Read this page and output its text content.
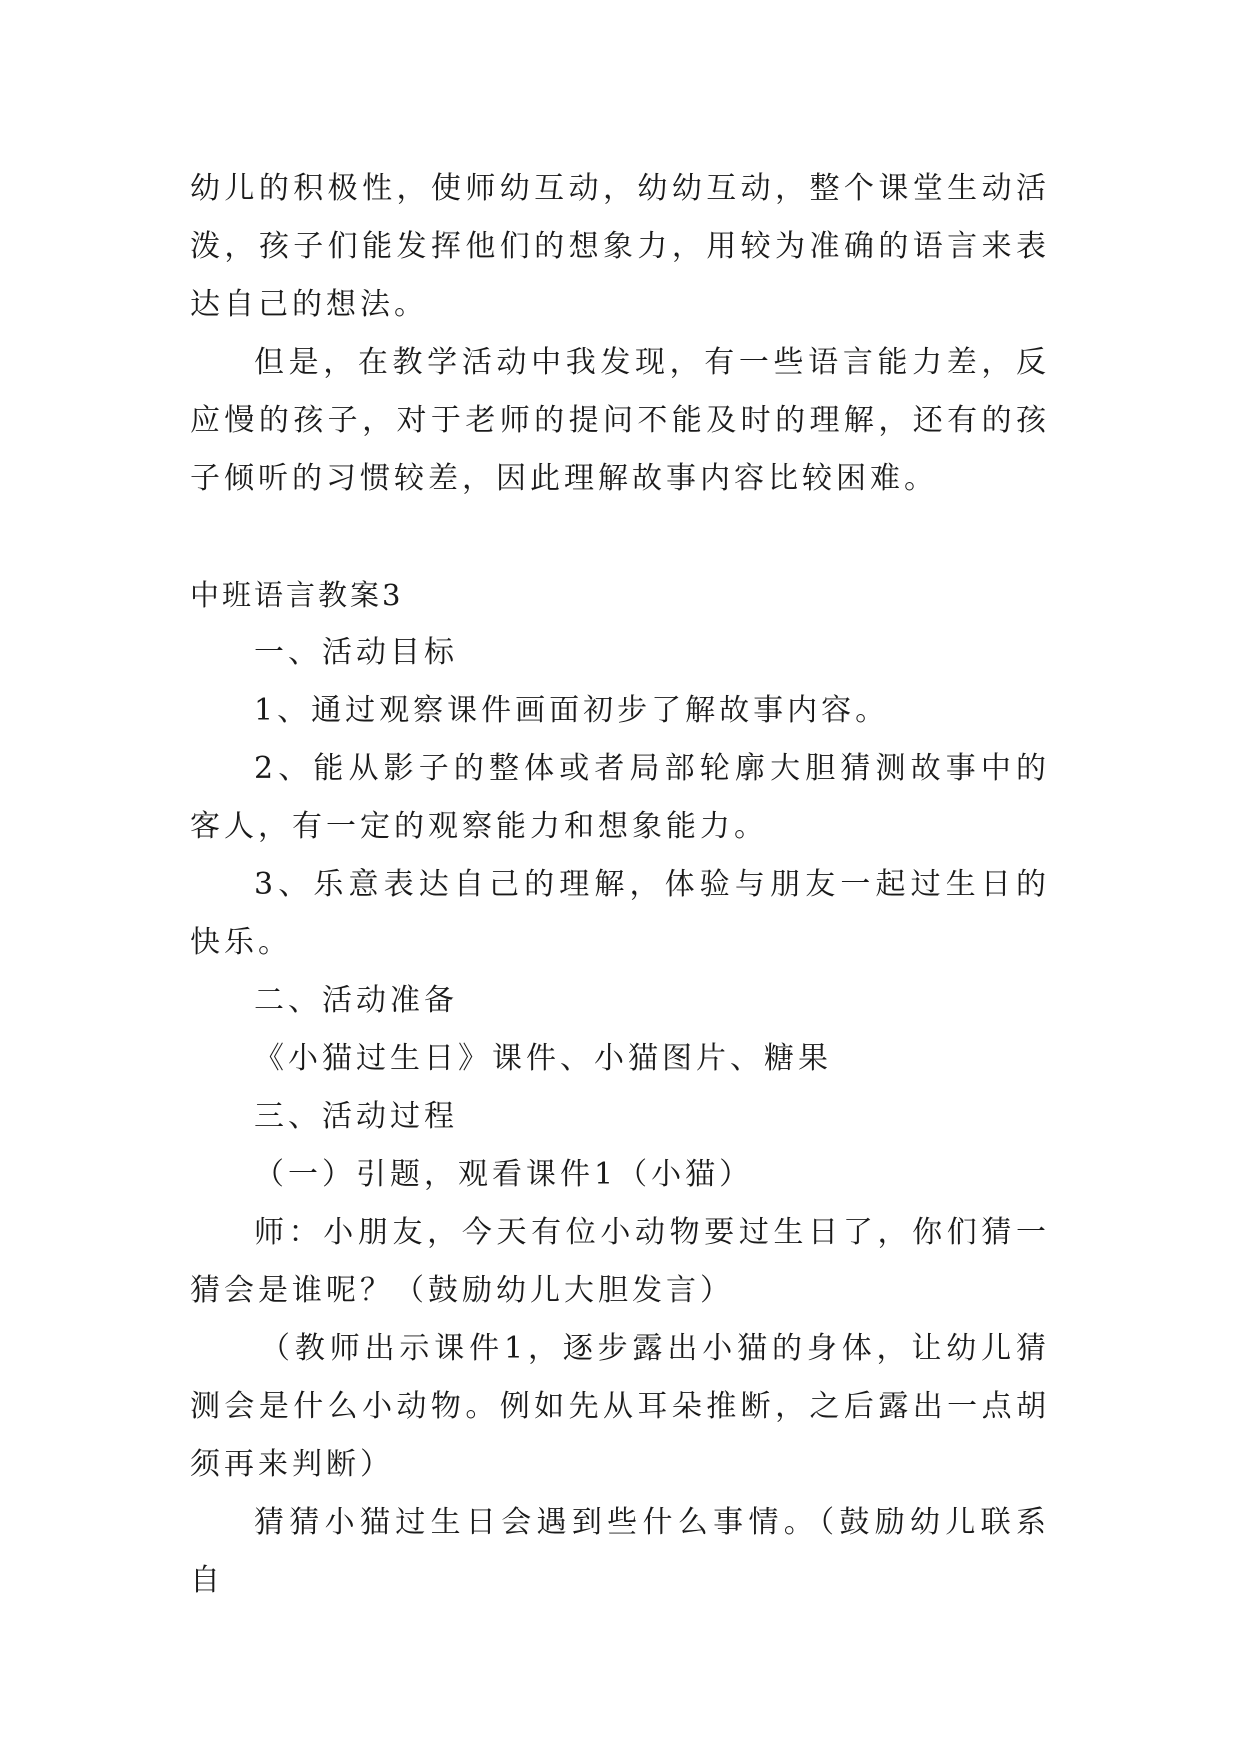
幼儿的积极性，使师幼互动，幼幼互动，整个课堂生动活泼，孩子们能发挥他们的想象力，用较为准确的语言来表达自己的想法。

但是，在教学活动中我发现，有一些语言能力差，反应慢的孩子，对于老师的提问不能及时的理解，还有的孩子倾听的习惯较差，因此理解故事内容比较困难。

中班语言教案3

一、活动目标

1、通过观察课件画面初步了解故事内容。

2、能从影子的整体或者局部轮廓大胆猜测故事中的客人，有一定的观察能力和想象能力。

3、乐意表达自己的理解，体验与朋友一起过生日的快乐。

二、活动准备

《小猫过生日》课件、小猫图片、糖果

三、活动过程

（一）引题，观看课件1（小猫）

师：小朋友，今天有位小动物要过生日了，你们猜一猜会是谁呢？（鼓励幼儿大胆发言）

（教师出示课件1，逐步露出小猫的身体，让幼儿猜测会是什么小动物。例如先从耳朵推断，之后露出一点胡须再来判断）

猜猜小猫过生日会遇到些什么事情。（鼓励幼儿联系自
